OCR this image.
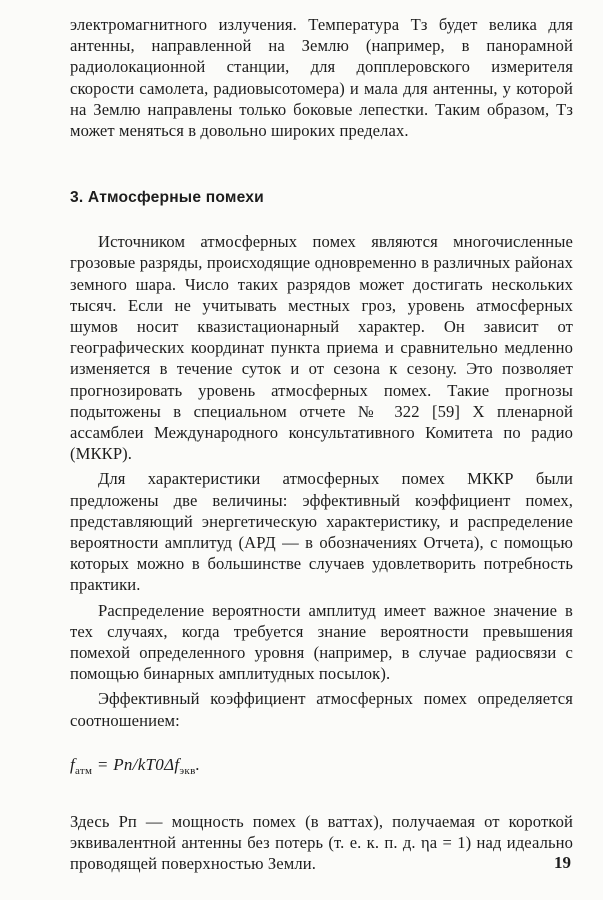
электромагнитного излучения. Температура Tз будет велика для антенны, направленной на Землю (например, в панорамной радиолокационной станции, для допплеровского измерителя скорости самолета, радиовысотомера) и мала для антенны, у которой на Землю направлены только боковые лепестки. Таким образом, Tз может меняться в довольно широких пределах.

3. Атмосферные помехи

Источником атмосферных помех являются многочисленные грозовые разряды, происходящие одновременно в различных районах земного шара. Число таких разрядов может достигать нескольких тысяч. Если не учитывать местных гроз, уровень атмосферных шумов носит квазистационарный характер. Он зависит от географических координат пункта приема и сравнительно медленно изменяется в течение суток и от сезона к сезону. Это позволяет прогнозировать уровень атмосферных помех. Такие прогнозы подытожены в специальном отчете № 322 [59] X пленарной ассамблеи Международного консультативного Комитета по радио (МККР).

Для характеристики атмосферных помех МККР были предложены две величины: эффективный коэффициент помех, представляющий энергетическую характеристику, и распределение вероятности амплитуд (АРД — в обозначениях Отчета), с помощью которых можно в большинстве случаев удовлетворить потребность практики.

Распределение вероятности амплитуд имеет важное значение в тех случаях, когда требуется знание вероятности превышения помехой определенного уровня (например, в случае радиосвязи с помощью бинарных амплитудных посылок).

Эффективный коэффициент атмосферных помех определяется соотношением:

$f_{атм} = Pп/kT0\Delta f_{экв}$.

Здесь Pп — мощность помех (в ваттах), получаемая от короткой эквивалентной антенны без потерь (т. е. к. п. д. ηа = 1) над идеально проводящей поверхностью Земли.	19
